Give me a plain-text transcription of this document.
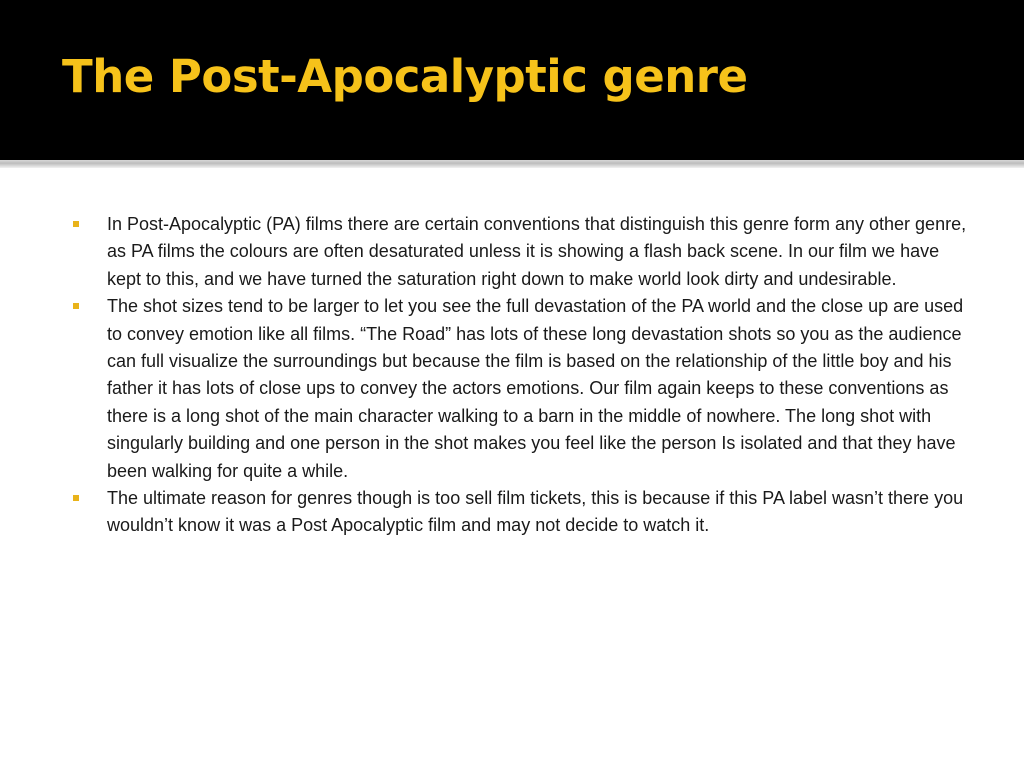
The Post-Apocalyptic genre
In Post-Apocalyptic (PA) films there are certain conventions that distinguish this genre form any other genre, as PA films the colours are often desaturated unless it is showing a flash back scene. In our film we have kept to this, and we have turned the saturation right down to make world look dirty and undesirable.
The shot sizes tend to be larger to let you see the full devastation of the PA world and the close up are used to convey emotion like all films. “The Road” has lots of these long devastation shots so you as the audience can full visualize the surroundings but because the film is based on the relationship of the little boy and his father it has lots of close ups to convey the actors emotions. Our film again keeps to these conventions as there is a long shot of the main character walking to a barn in the middle of nowhere. The long shot with singularly building and one person in the shot makes you feel like the person Is isolated and that they have been walking for quite a while.
The ultimate reason for genres though is too sell film tickets, this is because if this PA label wasn’t there you wouldn’t know it was a Post Apocalyptic film and may not decide to watch it.
